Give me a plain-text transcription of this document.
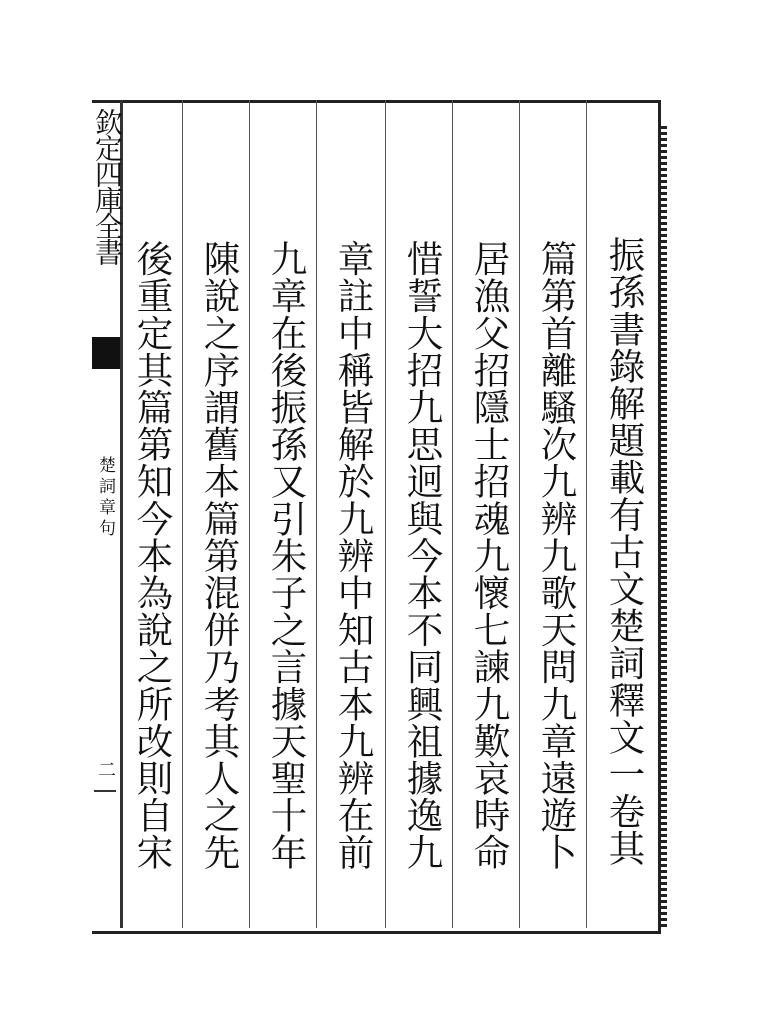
欽定四庫全書
楚詞章句
二	振孫書錄解題載有古文楚詞釋文一卷其
篇第首離騷次九辨九歌天問九章遠遊卜
居漁父招隱士招魂九懷七諫九歎哀時命
惜誓大招九思迥與今本不同興祖據逸九
章註中稱皆解於九辨中知古本九辨在前
九章在後振孫又引朱子之言據天聖十年
陳說之序謂舊本篇第混併乃考其人之先
後重定其篇第知今本為說之所改則自宋
